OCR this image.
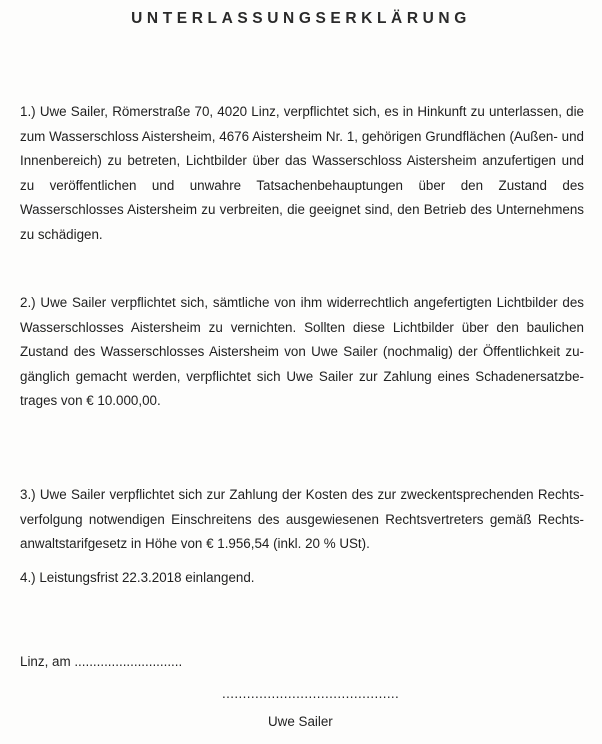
UNTERLASSUNGSERKLÄRUNG
1.) Uwe Sailer, Römerstraße 70, 4020 Linz, verpflichtet sich, es in Hinkunft zu unterlassen, die zum Wasserschloss Aistersheim, 4676 Aistersheim Nr. 1, gehörigen Grundflächen (Außen- und Innenbereich) zu betreten, Lichtbilder über das Wasserschloss Aistersheim anzufertigen und zu veröffentlichen und unwahre Tatsachenbehauptungen über den Zustand des Wasserschlosses Aistersheim zu verbreiten, die geeignet sind, den Betrieb des Unternehmens zu schädigen.
2.) Uwe Sailer verpflichtet sich, sämtliche von ihm widerrechtlich angefertigten Lichtbilder des Wasserschlosses Aistersheim zu vernichten. Sollten diese Lichtbilder über den baulichen Zustand des Wasserschlosses Aistersheim von Uwe Sailer (nochmalig) der Öffentlichkeit zugänglich gemacht werden, verpflichtet sich Uwe Sailer zur Zahlung eines Schadenersatzbetrages von € 10.000,00.
3.) Uwe Sailer verpflichtet sich zur Zahlung der Kosten des zur zweckentsprechenden Rechtsverfolgung notwendigen Einschreitens des ausgewiesenen Rechtsvertreters gemäß Rechtsanwaltstarifgesetz in Höhe von € 1.956,54 (inkl. 20 % USt).
4.) Leistungsfrist 22.3.2018 einlangend.
Linz, am .............................
...........................................
Uwe Sailer
